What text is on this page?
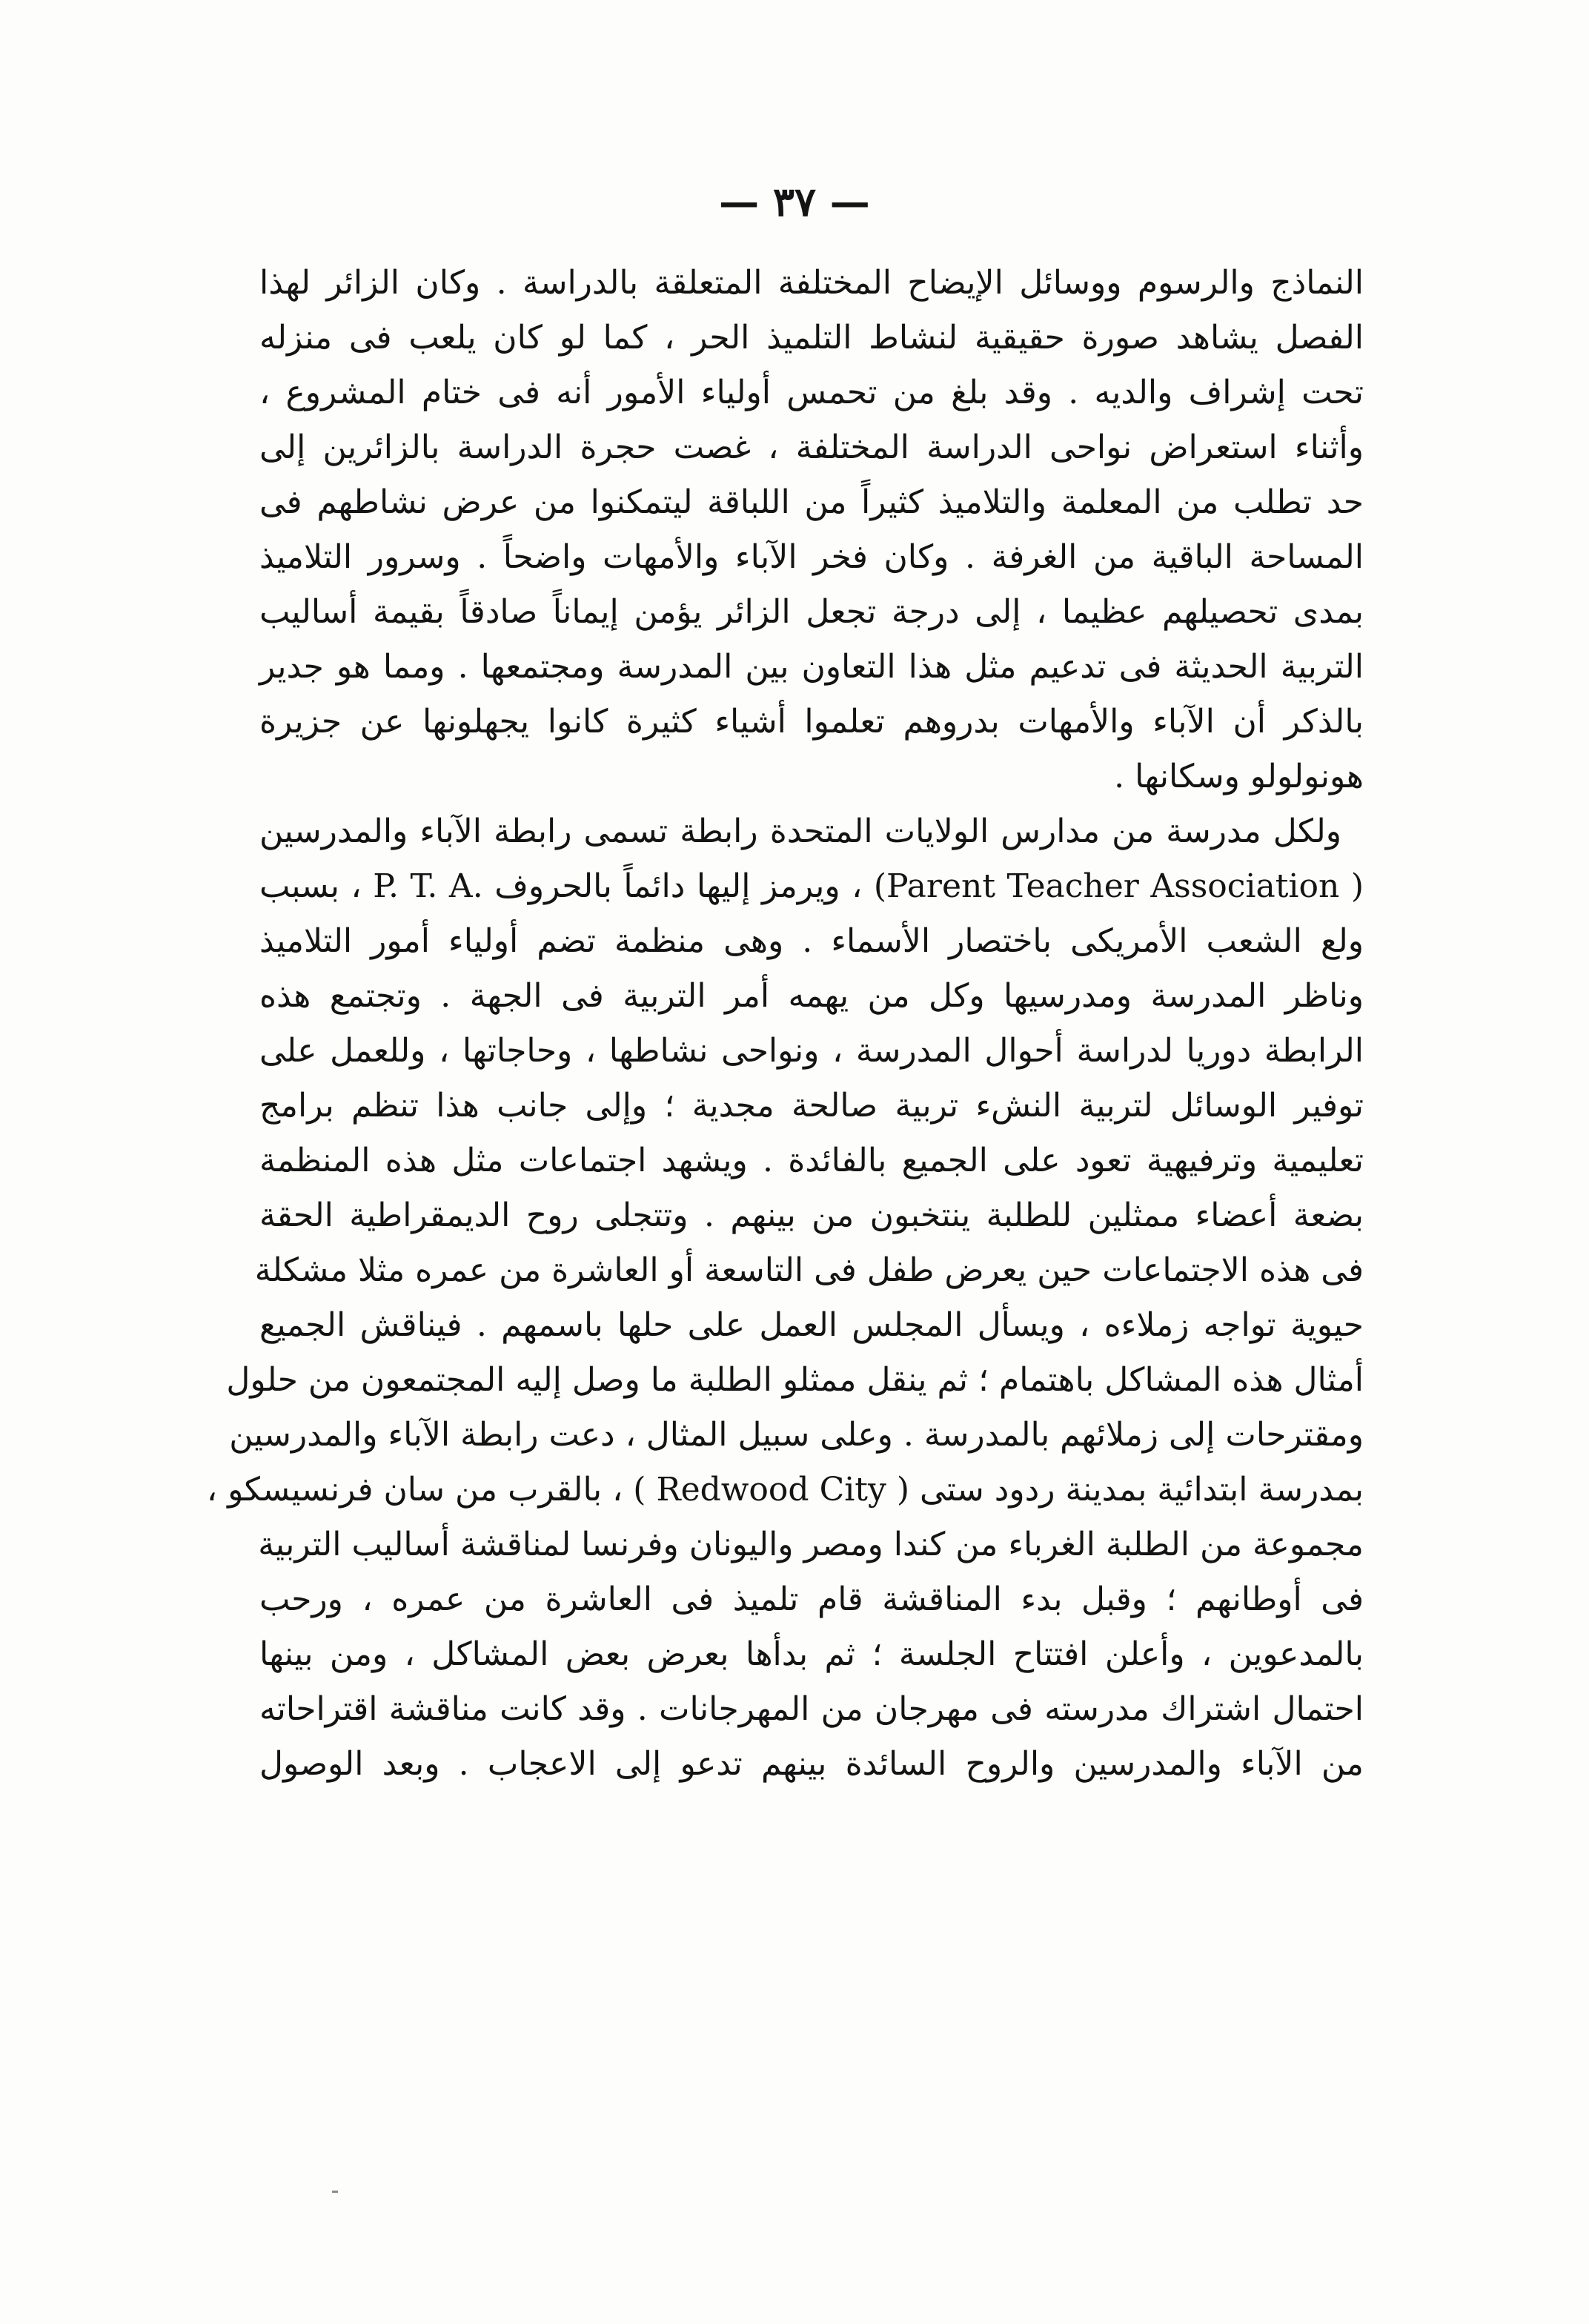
— ٣٧ —
النماذج والرسوم ووسائل الإيضاح المختلفة المتعلقة بالدراسة . وكان الزائر لهذا
الفصل يشاهد صورة حقيقية لنشاط التلميذ الحر ، كما لو كان يلعب فى منزله
تحت إشراف والديه . وقد بلغ من تحمس أولياء الأمور أنه فى ختام المشروع ،
وأثناء استعراض نواحى الدراسة المختلفة ، غصت حجرة الدراسة بالزائرين إلى
حد تطلب من المعلمة والتلاميذ كثيراً من اللباقة ليتمكنوا من عرض نشاطهم فى
المساحة الباقية من الغرفة . وكان فخر الآباء والأمهات واضحاً . وسرور التلاميذ
بمدى تحصيلهم عظيما ، إلى درجة تجعل الزائر يؤمن إيماناً صادقاً بقيمة أساليب
التربية الحديثة فى تدعيم مثل هذا التعاون بين المدرسة ومجتمعها . ومما هو جدير
بالذكر أن الآباء والأمهات بدروهم تعلموا أشياء كثيرة كانوا يجهلونها عن جزيرة
هونولولو وسكانها .
ولكل مدرسة من مدارس الولايات المتحدة رابطة تسمى رابطة الآباء والمدرسين
( Parent Teacher Association) ، ويرمز إليها دائماً بالحروف P. T. A. ، بسبب
ولع الشعب الأمريكى باختصار الأسماء . وهى منظمة تضم أولياء أمور التلاميذ
وناظر المدرسة ومدرسيها وكل من يهمه أمر التربية فى الجهة . وتجتمع هذه
الرابطة دوريا لدراسة أحوال المدرسة ، ونواحى نشاطها ، وحاجاتها ، وللعمل على
توفير الوسائل لتربية النشء تربية صالحة مجدية ؛ وإلى جانب هذا تنظم برامج
تعليمية وترفيهية تعود على الجميع بالفائدة . ويشهد اجتماعات مثل هذه المنظمة
بضعة أعضاء ممثلين للطلبة ينتخبون من بينهم . وتتجلى روح الديمقراطية الحقة
فى هذه الاجتماعات حين يعرض طفل فى التاسعة أو العاشرة من عمره مثلا مشكلة
حيوية تواجه زملاءه ، ويسأل المجلس العمل على حلها باسمهم . فيناقش الجميع
أمثال هذه المشاكل باهتمام ؛ ثم ينقل ممثلو الطلبة ما وصل إليه المجتمعون من حلول
ومقترحات إلى زملائهم بالمدرسة . وعلى سبيل المثال ، دعت رابطة الآباء والمدرسين
بمدرسة ابتدائية بمدينة ردود ستى ( Redwood City ) ، بالقرب من سان فرنسيسكو ،
مجموعة من الطلبة الغرباء من كندا ومصر واليونان وفرنسا لمناقشة أساليب التربية
فى أوطانهم ؛ وقبل بدء المناقشة قام تلميذ فى العاشرة من عمره ، ورحب
بالمدعوين ، وأعلن افتتاح الجلسة ؛ ثم بدأها بعرض بعض المشاكل ، ومن بينها
احتمال اشتراك مدرسته فى مهرجان من المهرجانات . وقد كانت مناقشة اقتراحاته
من الآباء والمدرسين والروح السائدة بينهم تدعو إلى الاعجاب . وبعد الوصول
